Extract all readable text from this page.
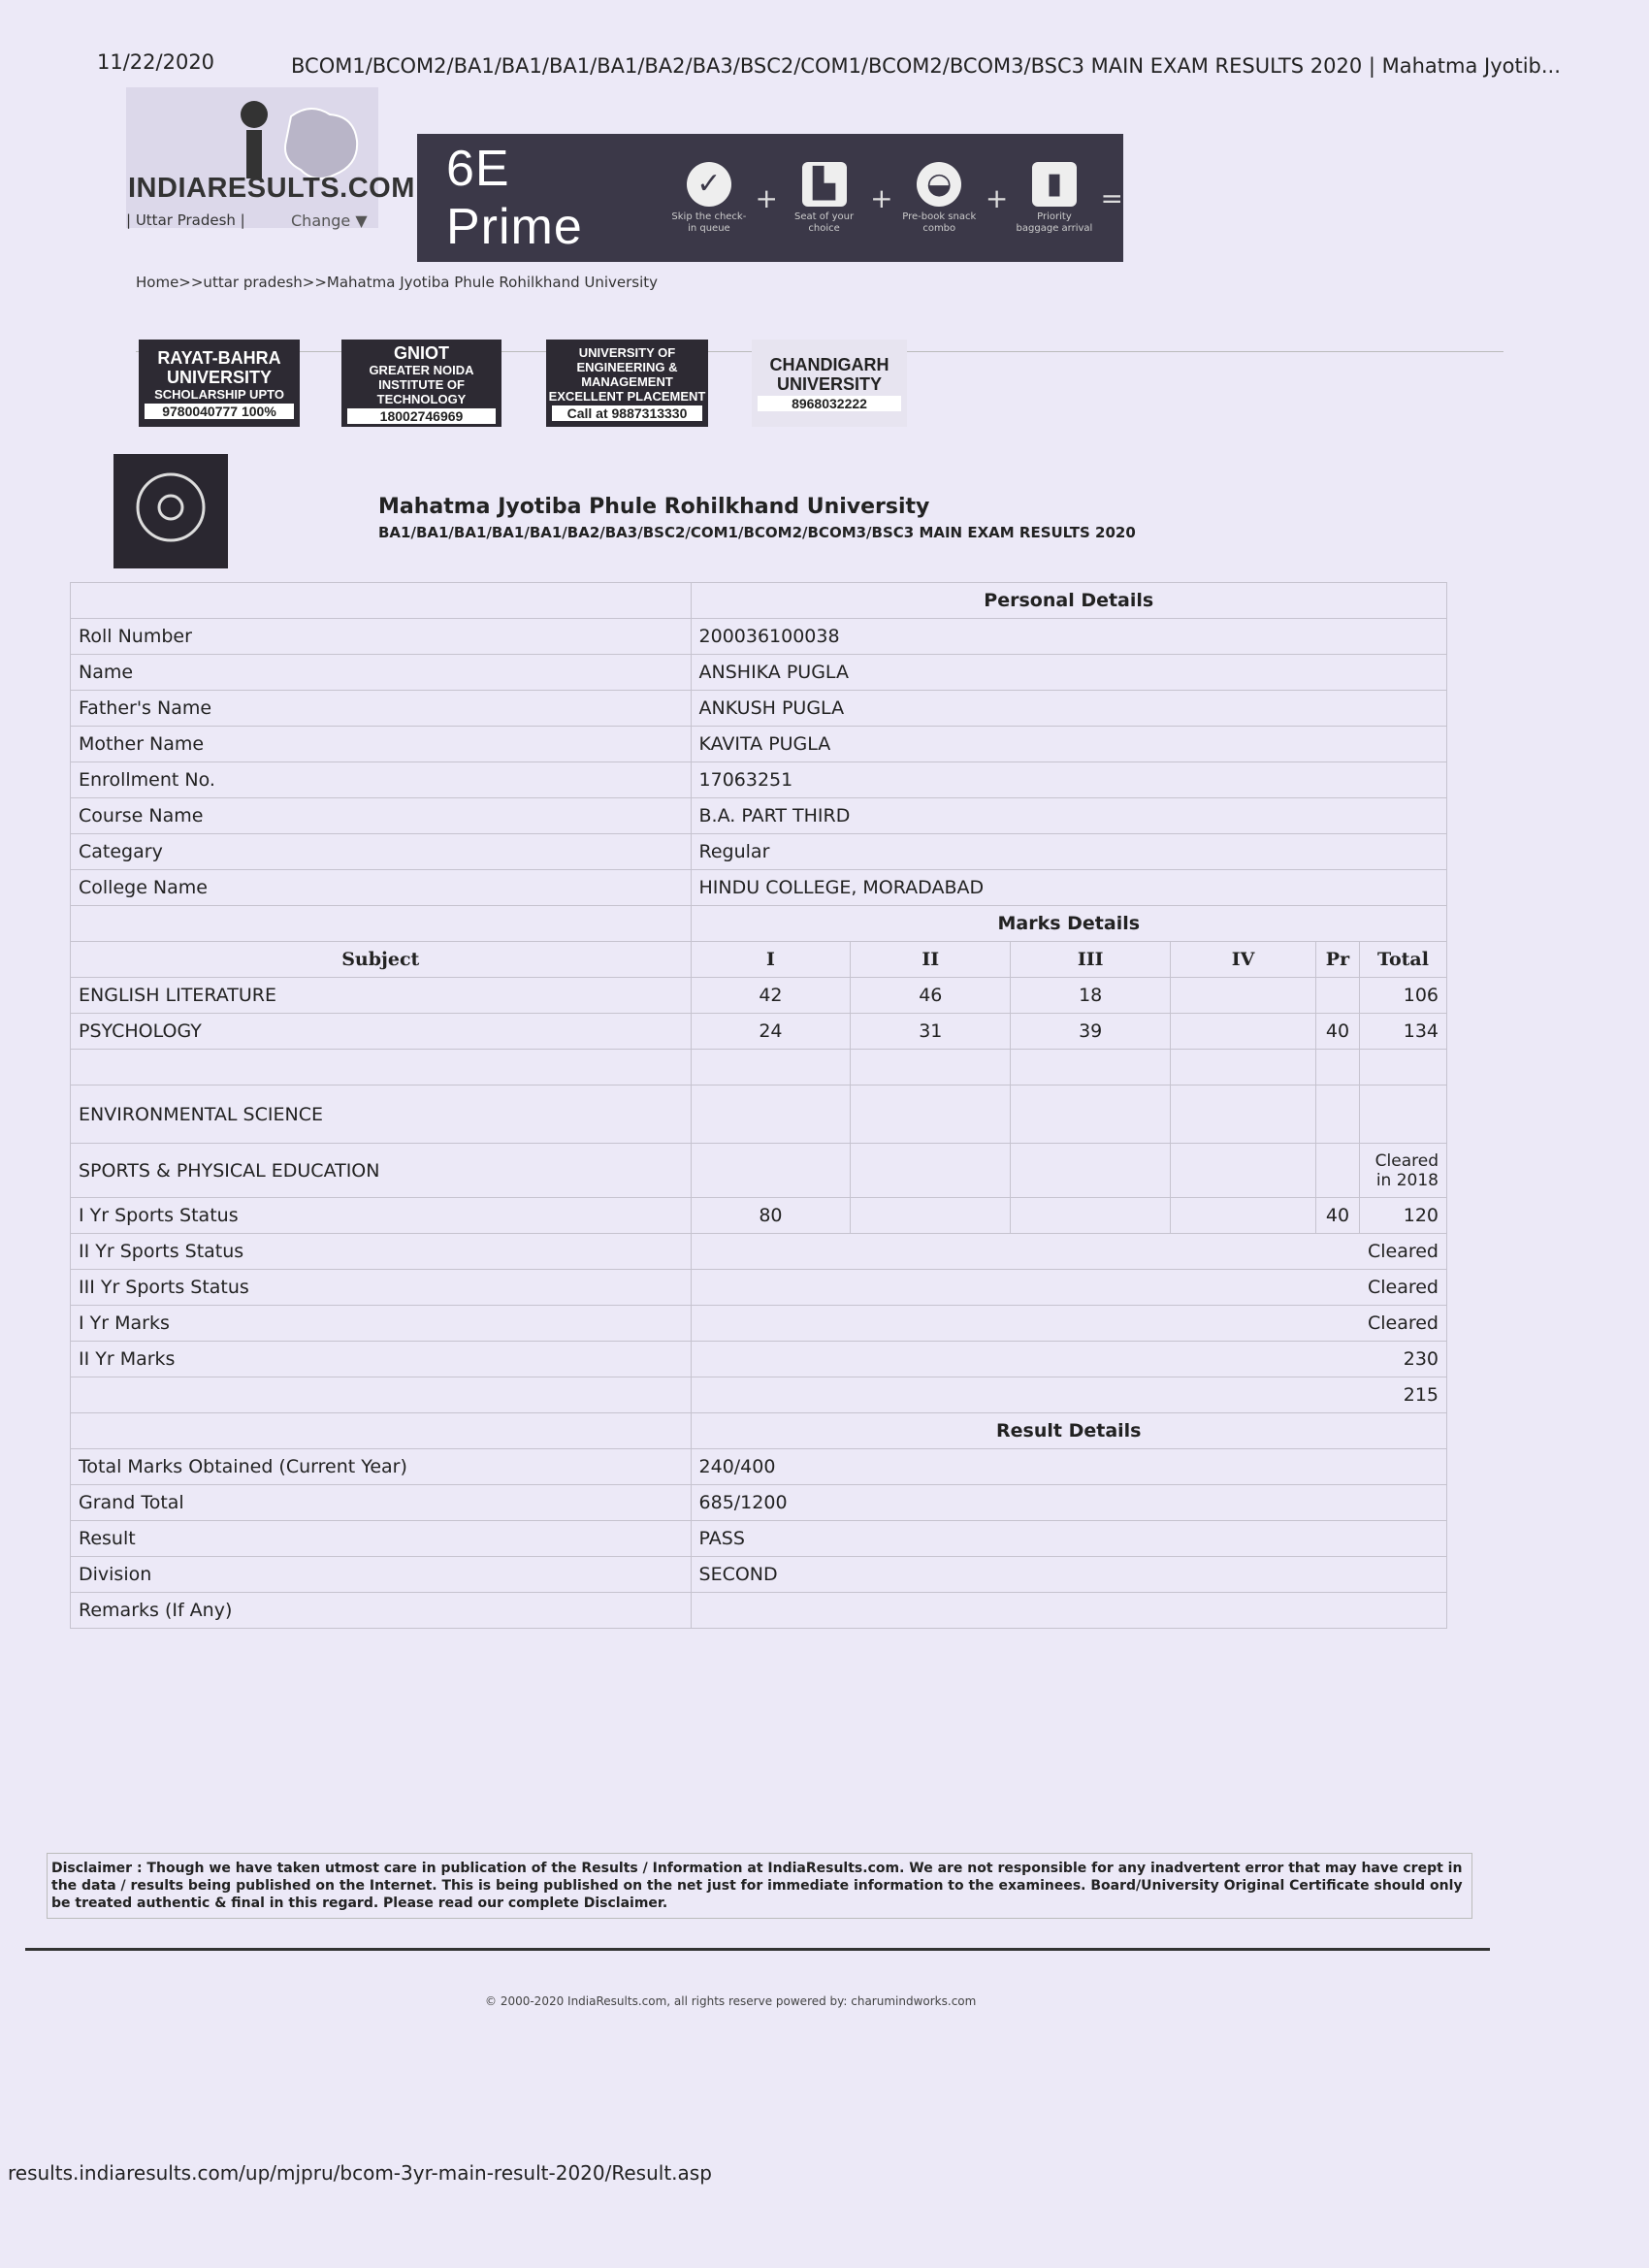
11/22/2020	BCOM1/BCOM2/BA1/BA1/BA1/BA1/BA2/BA3/BSC2/COM1/BCOM2/BCOM3/BSC3 MAIN EXAM RESULTS 2020 | Mahatma Jyotib...
INDIARESULTS.COM
| Uttar Pradesh |	Change ▼
6E Prime
✓
Skip the check-in queue
+	▙
Seat of your choice
+	◒
Pre-book snack combo
+	▮
Priority baggage arrival
=
Home>>uttar pradesh>>Mahatma Jyotiba Phule Rohilkhand University
RAYAT-BAHRA
UNIVERSITY
SCHOLARSHIP UPTO
9780040777 100%
GNIOT
GREATER NOIDA INSTITUTE OF TECHNOLOGY
18002746969
UNIVERSITY OF ENGINEERING & MANAGEMENT
EXCELLENT PLACEMENT
Call at 9887313330
CHANDIGARH
UNIVERSITY
8968032222
Mahatma Jyotiba Phule Rohilkhand University
BA1/BA1/BA1/BA1/BA1/BA2/BA3/BSC2/COM1/BCOM2/BCOM3/BSC3 MAIN EXAM RESULTS 2020
	Personal Details					
Roll Number	200036100038					
Name	ANSHIKA PUGLA					
Father's Name	ANKUSH PUGLA					
Mother Name	KAVITA PUGLA					
Enrollment No.	17063251					
Course Name	B.A. PART THIRD					
Categary	Regular					
College Name	HINDU COLLEGE, MORADABAD					
	Marks Details					
Subject	I	II	III	IV	Pr	Total
ENGLISH LITERATURE	42	46	18			106
PSYCHOLOGY	24	31	39		40	134

ENVIRONMENTAL SCIENCE						
SPORTS & PHYSICAL EDUCATION						Cleared in 2018
I Yr Sports Status	80				40	120
II Yr Sports Status	Cleared					
III Yr Sports Status	Cleared					
I Yr Marks	Cleared					
II Yr Marks	230					
	215					
	Result Details					
Total Marks Obtained (Current Year)	240/400					
Grand Total	685/1200					
Result	PASS					
Division	SECOND					
Remarks (If Any)						
Disclaimer : Though we have taken utmost care in publication of the Results / Information at IndiaResults.com. We are not responsible for any inadvertent error that may have crept in the data / results being published on the Internet. This is being published on the net just for immediate information to the examinees. Board/University Original Certificate should only be treated authentic & final in this regard. Please read our complete Disclaimer.
© 2000-2020 IndiaResults.com, all rights reserve powered by: charumindworks.com
results.indiaresults.com/up/mjpru/bcom-3yr-main-result-2020/Result.asp
